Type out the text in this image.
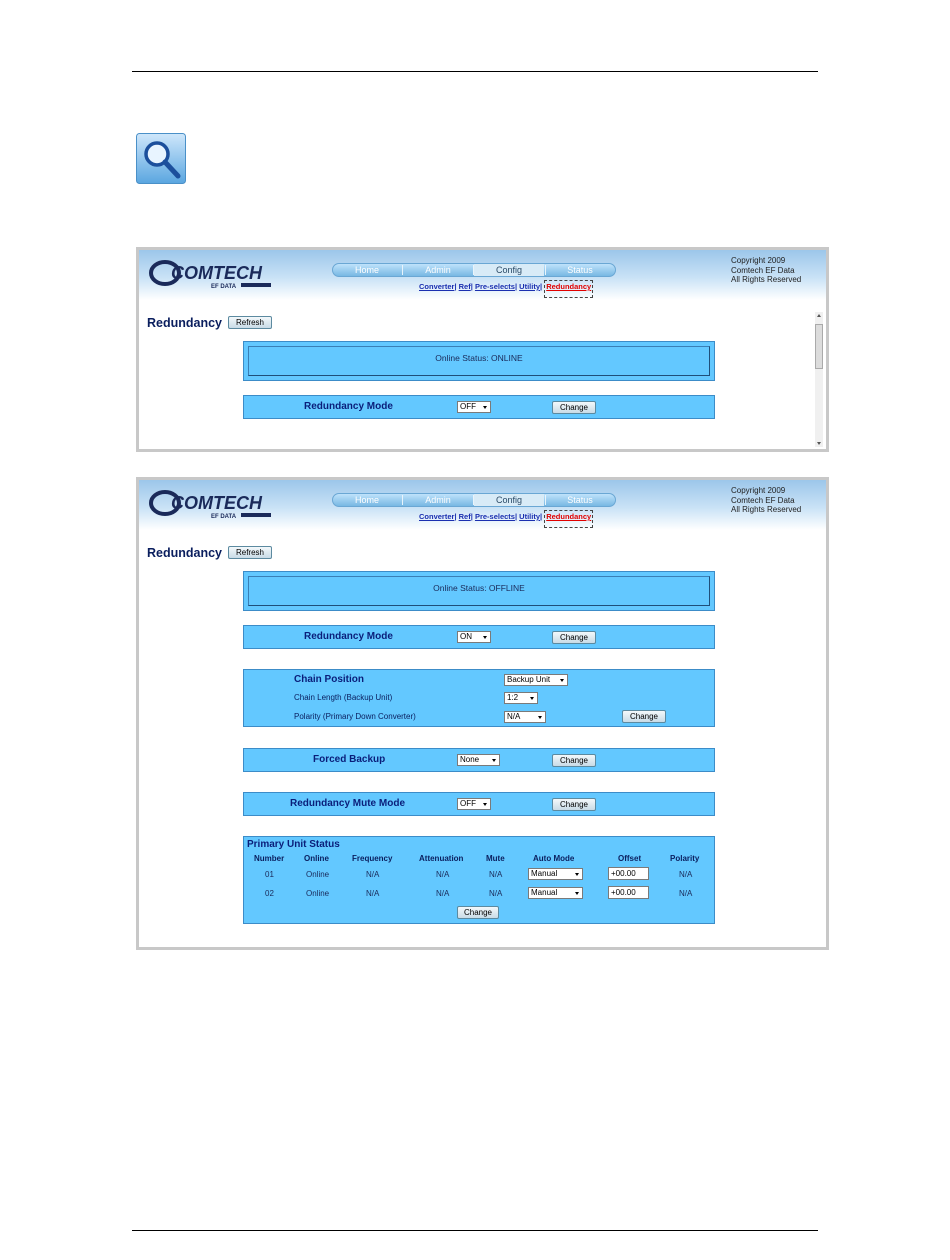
COMTECH
EF DATA
Home	Admin	Config	Status
Converter| Ref| Pre-selects| Utility| Redundancy
Copyright 2009
Comtech EF Data
All Rights Reserved
Redundancy	Refresh
Online Status: ONLINE
Redundancy Mode	OFF	Change
COMTECH
EF DATA
Home	Admin	Config	Status
Converter| Ref| Pre-selects| Utility| Redundancy
Copyright 2009
Comtech EF Data
All Rights Reserved
Redundancy	Refresh
Online Status: OFFLINE
Redundancy Mode	ON	Change
Chain Position	Backup Unit
Chain Length (Backup Unit)	1:2
Polarity (Primary Down Converter)	N/A	Change
Forced Backup	None	Change
Redundancy Mute Mode	OFF	Change
Primary Unit Status
Number Online	Frequency	Attenuation	Mute	Auto Mode	Offset	Polarity
01	Online	N/A	N/A	N/A	Manual	+00.00	N/A
02	Online	N/A	N/A	N/A	Manual	+00.00	N/A
Change
